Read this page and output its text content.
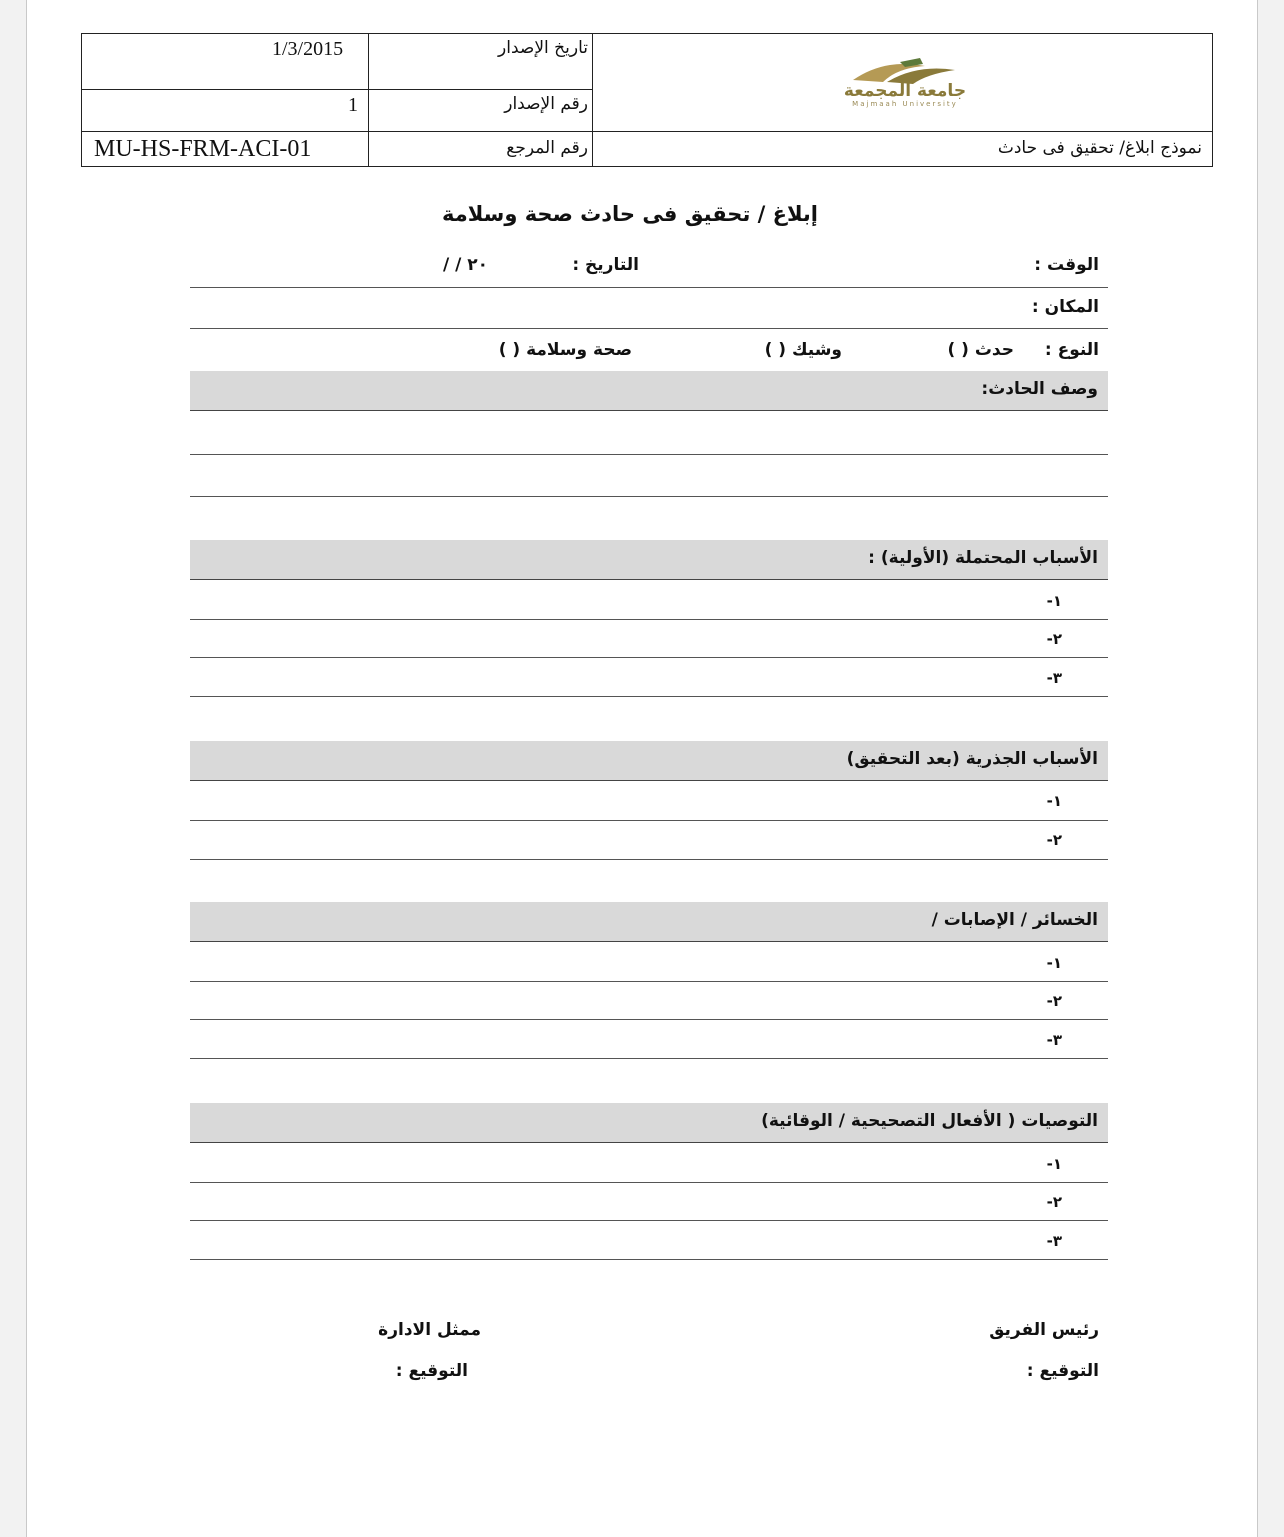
1/3/2015	تاريخ الإصدار
1	رقم الإصدار
MU-HS-FRM-ACI-01	رقم المرجع	نموذج ابلاغ/ تحقيق فى حادث
جامعة المجمعة
Majmaah University
إبلاغ / تحقيق فى حادث صحة وسلامة
الوقت :
التاريخ :
/ / ٢٠
المكان :
النوع :
حدث ( )
وشيك ( )
صحة وسلامة ( )
وصف الحادث:
الأسباب المحتملة (الأولية) :
١-
٢-
٣-
الأسباب الجذرية (بعد التحقيق)
١-
٢-
الخسائر / الإصابات /
١-
٢-
٣-
التوصيات ( الأفعال التصحيحية / الوقائية)
١-
٢-
٣-
رئيس الفريق
التوقيع :
ممثل الادارة
التوقيع :
